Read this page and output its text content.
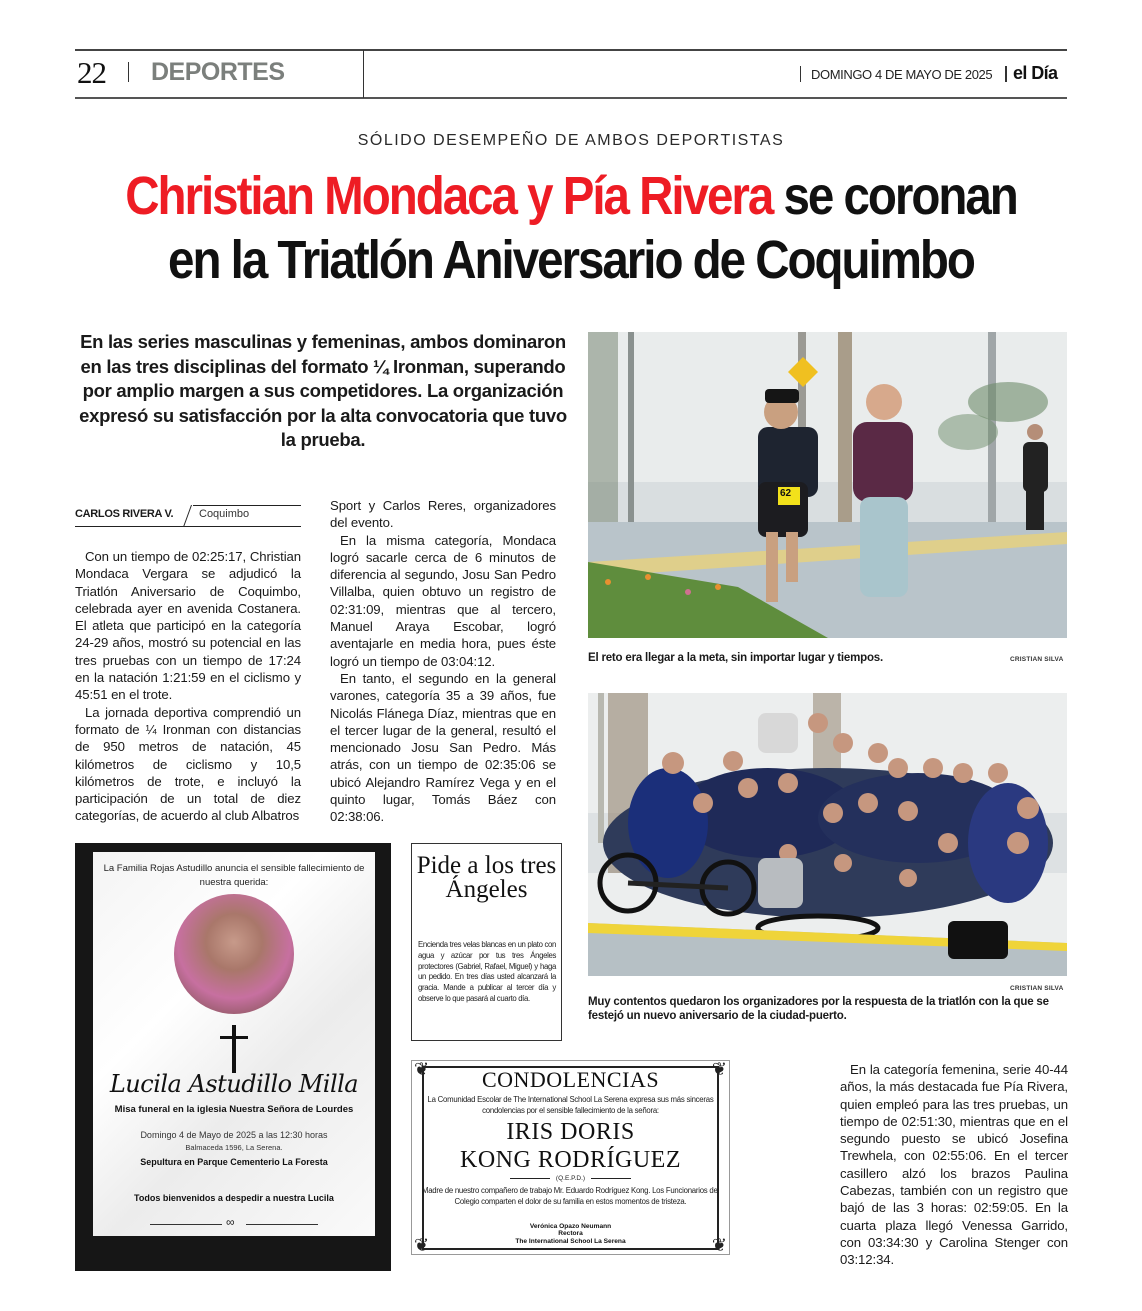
22 DEPORTES	DOMINGO 4 DE MAYO DE 2025 el Día
SÓLIDO DESEMPEÑO DE AMBOS DEPORTISTAS
Christian Mondaca y Pía Rivera se coronan
en la Triatlón Aniversario de Coquimbo
En las series masculinas y femeninas, ambos dominaron en las tres disciplinas del formato ¼ Ironman, superando por amplio margen a sus competidores. La organización expresó su satisfacción por la alta convocatoria que tuvo la prueba.
CARLOS RIVERA V. Coquimbo

Con un tiempo de 02:25:17, Christian Mondaca Vergara se adjudicó la Triatlón Aniversario de Coquimbo, celebrada ayer en avenida Costanera. El atleta que participó en la categoría 24-29 años, mostró su potencial en las tres pruebas con un tiempo de 17:24 en la natación 1:21:59 en el ciclismo y 45:51 en el trote.

La jornada deportiva comprendió un formato de ¼ Ironman con distancias de 950 metros de natación, 45 kilómetros de ciclismo y 10,5 kilómetros de trote, e incluyó la participación de un total de diez categorías, de acuerdo al club Albatros

Sport y Carlos Reres, organizadores del evento.

En la misma categoría, Mondaca logró sacarle cerca de 6 minutos de diferencia al segundo, Josu San Pedro Villalba, quien obtuvo un registro de 02:31:09, mientras que al tercero, Manuel Araya Escobar, logró aventajarle en media hora, pues éste logró un tiempo de 03:04:12.

En tanto, el segundo en la general varones, categoría 35 a 39 años, fue Nicolás Flánega Díaz, mientras que en el tercer lugar de la general, resultó el mencionado Josu San Pedro. Más atrás, con un tiempo de 02:35:06 se ubicó Alejandro Ramírez Vega y en el quinto lugar, Tomás Báez con 02:38:06.

En la categoría femenina, serie 40-44 años, la más destacada fue Pía Rivera, quien empleó para las tres pruebas, un tiempo de 02:51:30, mientras que en el segundo puesto se ubicó Josefina Trewhela, con 02:55:06. En el tercer casillero alzó los brazos Paulina Cabezas, también con un registro que bajó de las 3 horas: 02:59:05. En la cuarta plaza llegó Venessa Garrido, con 03:34:30 y Carolina Stenger con 03:12:34.

62
El reto era llegar a la meta, sin importar lugar y tiempos.	CRISTIAN SILVA
CRISTIAN SILVA
Muy contentos quedaron los organizadores por la respuesta de la triatlón con la que se festejó un nuevo aniversario de la ciudad-puerto.
La Familia Rojas Astudillo anuncia el sensible fallecimiento de nuestra querida:
Lucila Astudillo Milla
Misa funeral en la iglesia Nuestra Señora de Lourdes
Domingo 4 de Mayo de 2025 a las 12:30 horas
Balmaceda 1596, La Serena.
Sepultura en Parque Cementerio La Foresta
Todos bienvenidos a despedir a nuestra Lucila
∞
Pide a los tres Ángeles
Encienda tres velas blancas en un plato con agua y azúcar por tus tres Ángeles protectores (Gabriel, Rafael, Miguel) y haga un pedido. En tres días usted alcanzará la gracia. Mande a publicar al tercer día y observe lo que pasará al cuarto día.
❦	❦
❦	❦
CONDOLENCIAS
La Comunidad Escolar de The International School La Serena expresa sus más sinceras condolencias por el sensible fallecimiento de la señora:
IRIS DORIS
KONG RODRÍGUEZ
(Q.E.P.D.)
Madre de nuestro compañero de trabajo Mr. Eduardo Rodríguez Kong. Los Funcionarios del Colegio comparten el dolor de su familia en estos momentos de tristeza.
Verónica Opazo Neumann
Rectora
The International School La Serena
